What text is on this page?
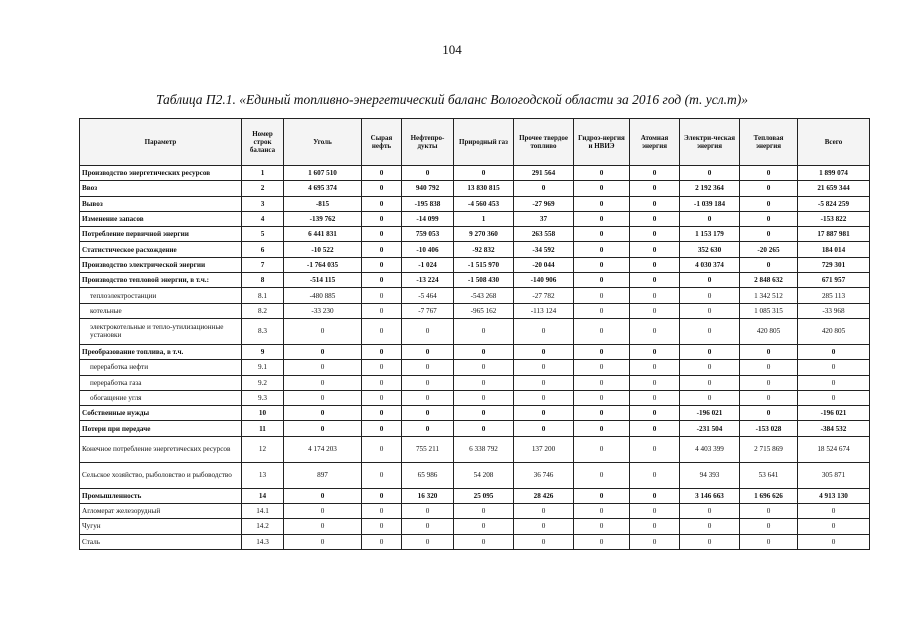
104
Таблица П2.1. «Единый топливно-энергетический баланс Вологодской области за 2016 год (т. усл.т)»
Параметр	Номер строк баланса	Уголь	Сырая нефть	Нефтепро-дукты	Природный газ	Прочее твердое топливо	Гидроэ-нергия и НВИЭ	Атомная энергия	Электри-ческая энергия	Тепловая энергия	Всего
Производство энергетических ресурсов	1	1 607 510	0	0	0	291 564	0	0	0	0	1 899 074
Ввоз	2	4 695 374	0	940 792	13 830 815	0	0	0	2 192 364	0	21 659 344
Вывоз	3	-815	0	-195 838	-4 560 453	-27 969	0	0	-1 039 184	0	-5 824 259
Изменение запасов	4	-139 762	0	-14 099	1	37	0	0	0	0	-153 822
Потребление первичной энергии	5	6 441 831	0	759 053	9 270 360	263 558	0	0	1 153 179	0	17 887 981
Статистическое расхождение	6	-10 522	0	-10 406	-92 832	-34 592	0	0	352 630	-20 265	184 014
Производство электрической энергии	7	-1 764 035	0	-1 024	-1 515 970	-20 044	0	0	4 030 374	0	729 301
Производство тепловой энергии, в т.ч.:	8	-514 115	0	-13 224	-1 508 430	-140 906	0	0	0	2 848 632	671 957
теплоэлектростанции	8.1	-480 885	0	-5 464	-543 268	-27 782	0	0	0	1 342 512	285 113
котельные	8.2	-33 230	0	-7 767	-965 162	-113 124	0	0	0	1 085 315	-33 968
электрокотельные и тепло-утилизационные установки	8.3	0	0	0	0	0	0	0	0	420 805	420 805
Преобразование топлива, в т.ч.	9	0	0	0	0	0	0	0	0	0	0
переработка нефти	9.1	0	0	0	0	0	0	0	0	0	0
переработка газа	9.2	0	0	0	0	0	0	0	0	0	0
обогащение угля	9.3	0	0	0	0	0	0	0	0	0	0
Собственные нужды	10	0	0	0	0	0	0	0	-196 021	0	-196 021
Потери при передаче	11	0	0	0	0	0	0	0	-231 504	-153 028	-384 532
Конечное потребление энергетических ресурсов	12	4 174 203	0	755 211	6 338 792	137 200	0	0	4 403 399	2 715 869	18 524 674
Сельское хозяйство, рыболовство и рыбоводство	13	897	0	65 986	54 208	36 746	0	0	94 393	53 641	305 871
Промышленность	14	0	0	16 320	25 095	28 426	0	0	3 146 663	1 696 626	4 913 130
Агломерат железорудный	14.1	0	0	0	0	0	0	0	0	0	0
Чугун	14.2	0	0	0	0	0	0	0	0	0	0
Сталь	14.3	0	0	0	0	0	0	0	0	0	0
